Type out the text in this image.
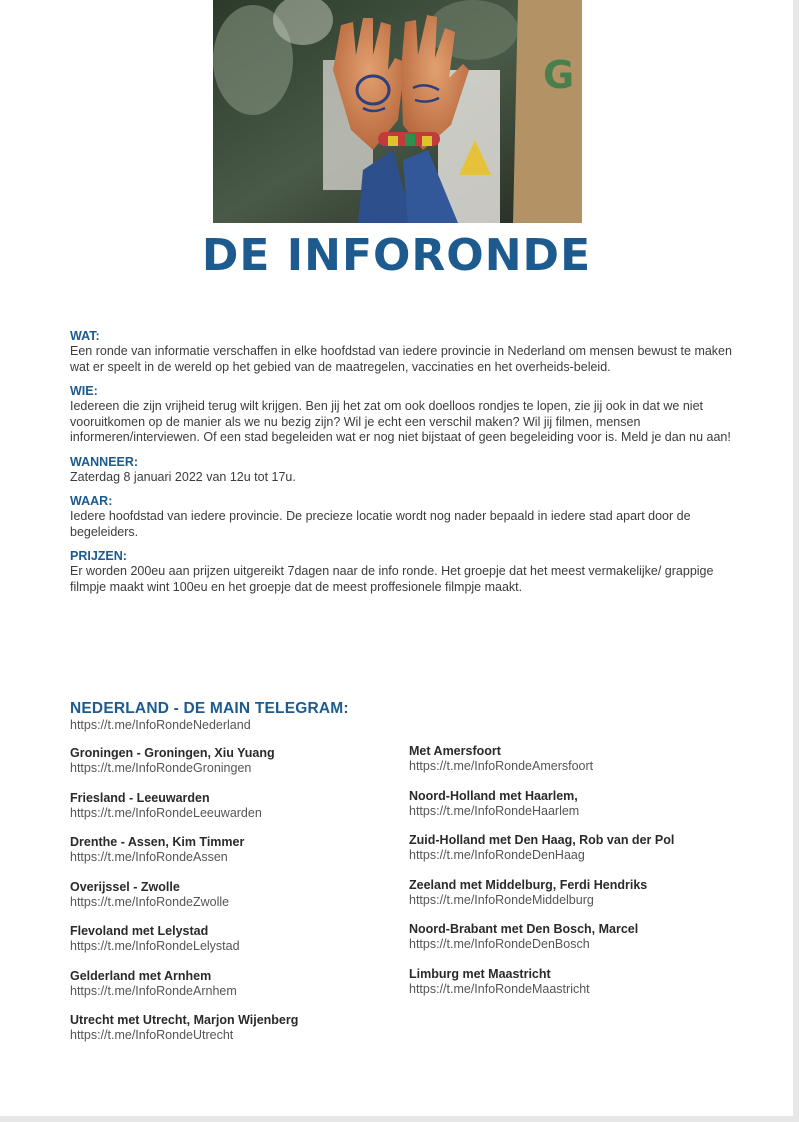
G
DE INFORONDE

WAT:

Een ronde van informatie verschaffen in elke hoofdstad van iedere provincie in Nederland om mensen bewust te maken wat er speelt in de wereld op het gebied van de maatregelen, vaccinaties en het overheids-beleid.

WIE:

Iedereen die zijn vrijheid terug wilt krijgen. Ben jij het zat om ook doelloos rondjes te lopen, zie jij ook in dat we niet vooruitkomen op de manier als we nu bezig zijn? Wil je echt een verschil maken? Wil jij filmen, mensen informeren/interviewen. Of een stad begeleiden wat er nog niet bijstaat of geen begeleiding voor is. Meld je dan nu aan!

WANNEER:

Zaterdag 8 januari 2022 van 12u tot 17u.

WAAR:

Iedere hoofdstad van iedere provincie. De precieze locatie wordt nog nader bepaald in iedere stad apart door de begeleiders.

PRIJZEN:

Er worden 200eu aan prijzen uitgereikt 7dagen naar de info ronde. Het groepje dat het meest vermakelijke/ grappige filmpje maakt wint 100eu en het groepje dat de meest proffesionele filmpje maakt.

NEDERLAND - DE MAIN TELEGRAM:

https://t.me/InfoRondeNederland

Groningen - Groningen, Xiu Yuang

https://t.me/InfoRondeGroningen

Friesland - Leeuwarden

https://t.me/InfoRondeLeeuwarden

Drenthe - Assen, Kim Timmer

https://t.me/InfoRondeAssen

Overijssel - Zwolle

https://t.me/InfoRondeZwolle

Flevoland met Lelystad

https://t.me/InfoRondeLelystad

Gelderland met Arnhem

https://t.me/InfoRondeArnhem

Utrecht met Utrecht, Marjon Wijenberg

https://t.me/InfoRondeUtrecht

Met Amersfoort

https://t.me/InfoRondeAmersfoort

Noord-Holland met Haarlem,

https://t.me/InfoRondeHaarlem

Zuid-Holland met Den Haag, Rob van der Pol

https://t.me/InfoRondeDenHaag

Zeeland met Middelburg, Ferdi Hendriks

https://t.me/InfoRondeMiddelburg

Noord-Brabant met Den Bosch, Marcel

https://t.me/InfoRondeDenBosch

Limburg met Maastricht

https://t.me/InfoRondeMaastricht
